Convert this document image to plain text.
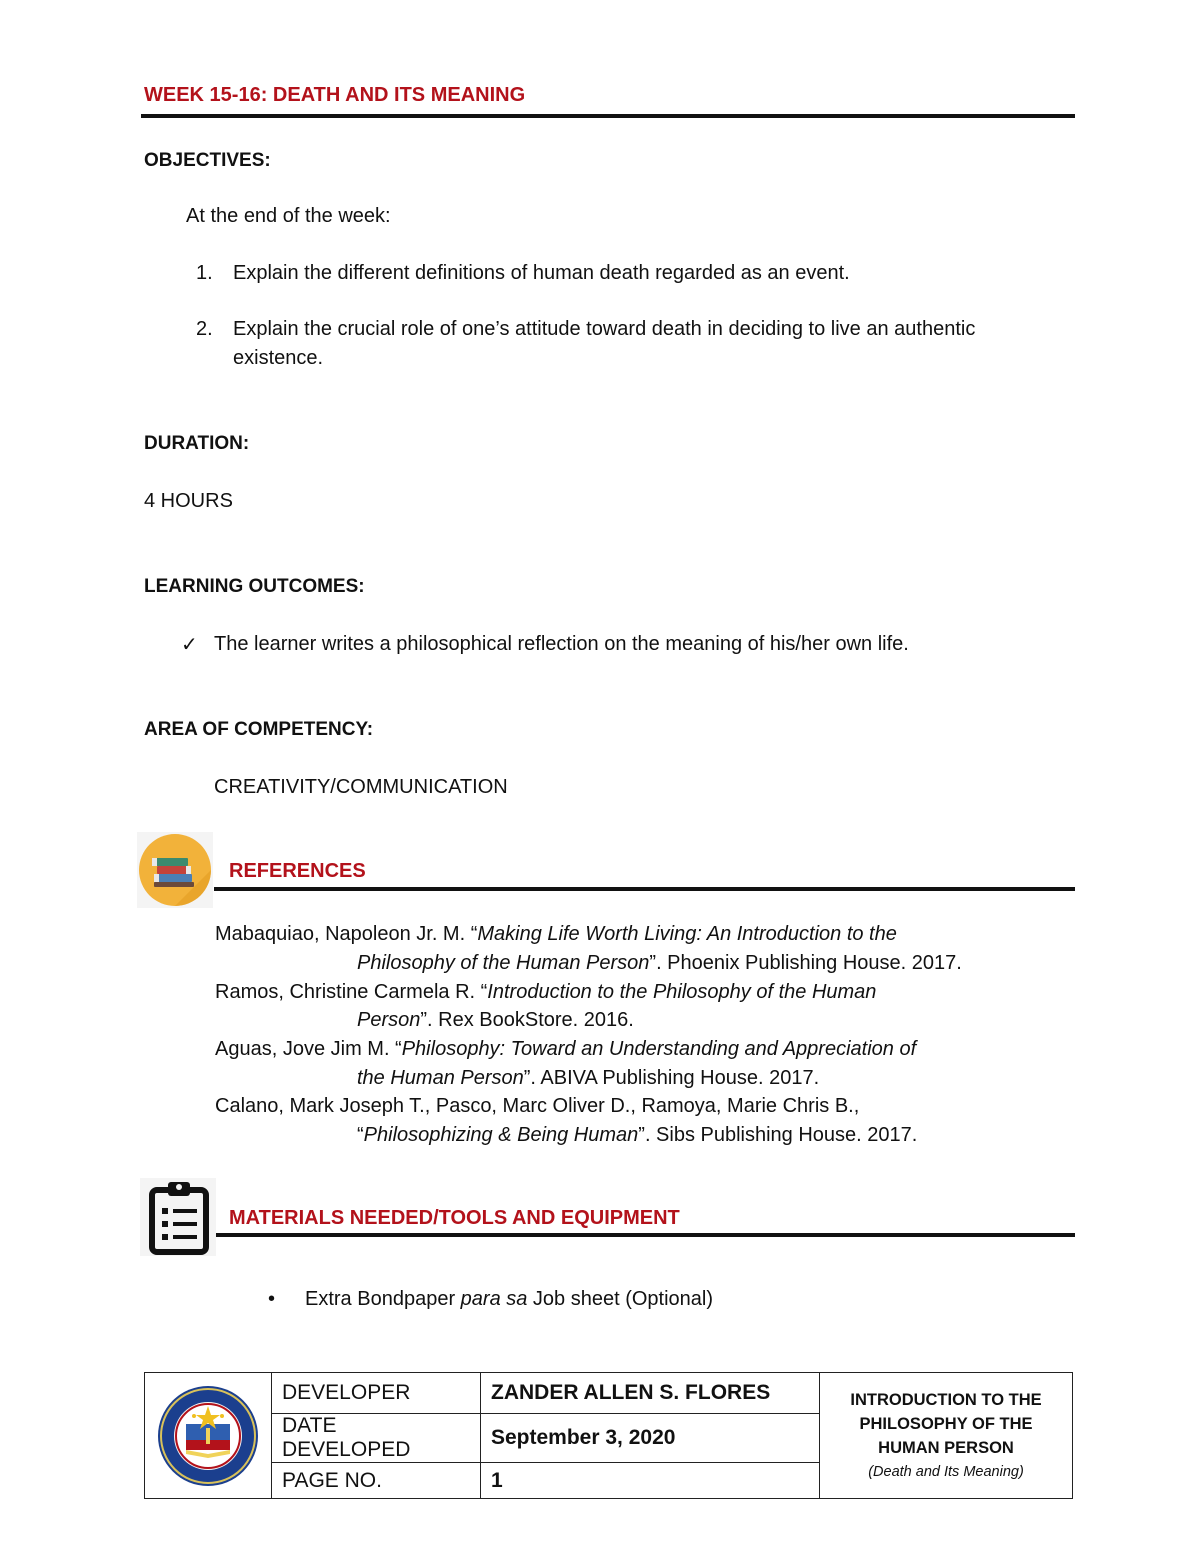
WEEK 15-16: DEATH AND ITS MEANING
OBJECTIVES:
At the end of the week:
1. Explain the different definitions of human death regarded as an event.
2. Explain the crucial role of one’s attitude toward death in deciding to live an authentic
existence.
DURATION:
4 HOURS
LEARNING OUTCOMES:
✓ The learner writes a philosophical reflection on the meaning of his/her own life.
AREA OF COMPETENCY:
CREATIVITY/COMMUNICATION
REFERENCES
Mabaquiao, Napoleon Jr. M. “Making Life Worth Living: An Introduction to the
Philosophy of the Human Person”. Phoenix Publishing House. 2017.
Ramos, Christine Carmela R. “Introduction to the Philosophy of the Human
Person”. Rex BookStore. 2016.
Aguas, Jove Jim M. “Philosophy: Toward an Understanding and Appreciation of
the Human Person”. ABIVA Publishing House. 2017.
Calano, Mark Joseph T., Pasco, Marc Oliver D., Ramoya, Marie Chris B.,
“Philosophizing & Being Human”. Sibs Publishing House. 2017.
MATERIALS NEEDED/TOOLS AND EQUIPMENT
• Extra Bondpaper para sa Job sheet (Optional)
	DEVELOPER	ZANDER ALLEN S. FLORES	INTRODUCTION TO THE
PHILOSOPHY OF THE
HUMAN PERSON
(Death and Its Meaning)

	DATE DEVELOPED	September 3, 2020	
	PAGE NO.	1	
